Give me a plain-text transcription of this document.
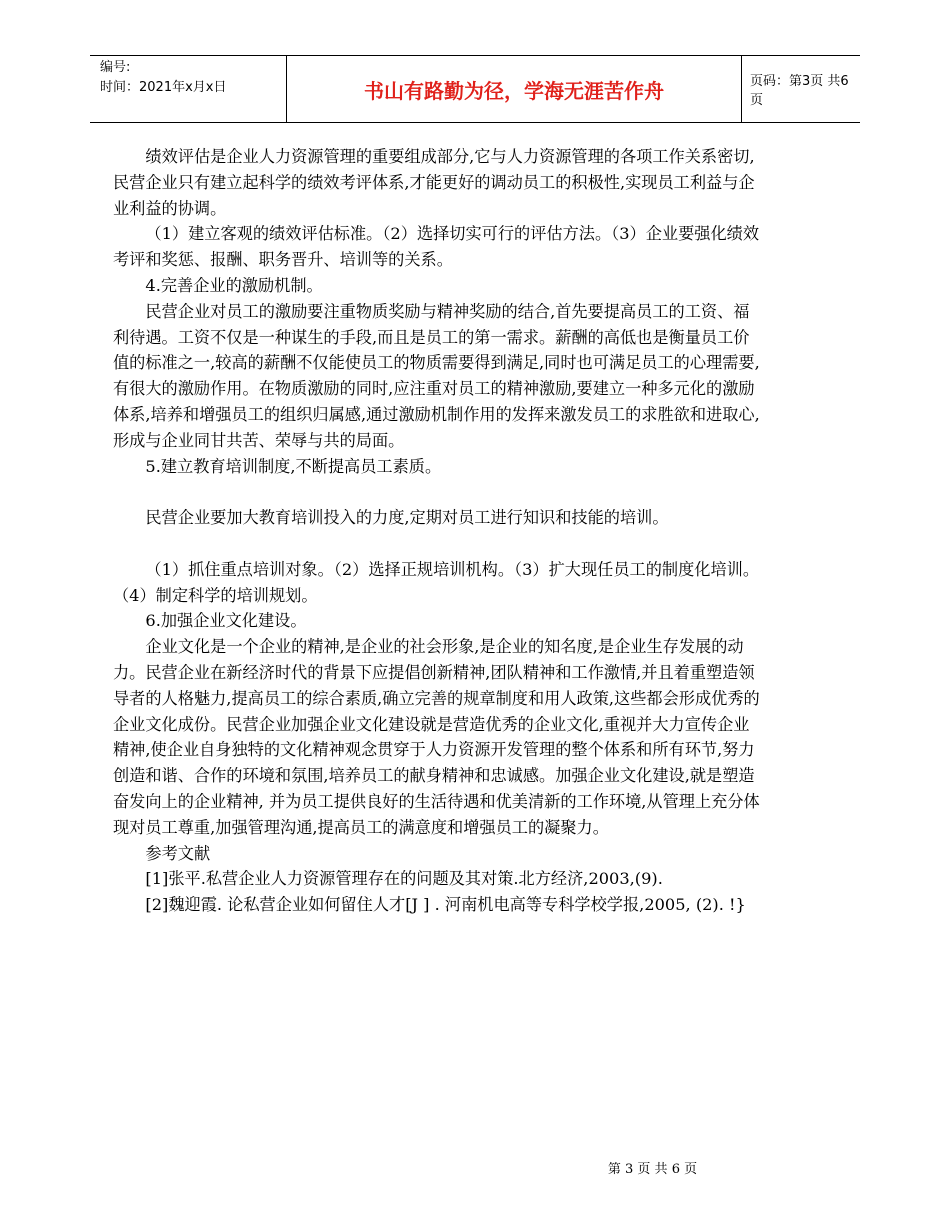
编号:
时间：2021年x月x日	书山有路勤为径，学海无涯苦作舟	页码：第3页 共6页

绩效评估是企业人力资源管理的重要组成部分,它与人力资源管理的各项工作关系密切,民营企业只有建立起科学的绩效考评体系,才能更好的调动员工的积极性,实现员工利益与企业利益的协调。

（1）建立客观的绩效评估标准。（2）选择切实可行的评估方法。（3）企业要强化绩效考评和奖惩、报酬、职务晋升、培训等的关系。

4.完善企业的激励机制。

民营企业对员工的激励要注重物质奖励与精神奖励的结合,首先要提高员工的工资、福利待遇。工资不仅是一种谋生的手段,而且是员工的第一需求。薪酬的高低也是衡量员工价值的标准之一,较高的薪酬不仅能使员工的物质需要得到满足,同时也可满足员工的心理需要,有很大的激励作用。在物质激励的同时,应注重对员工的精神激励,要建立一种多元化的激励体系,培养和增强员工的组织归属感,通过激励机制作用的发挥来激发员工的求胜欲和进取心,形成与企业同甘共苦、荣辱与共的局面。

5.建立教育培训制度,不断提高员工素质。

民营企业要加大教育培训投入的力度,定期对员工进行知识和技能的培训。

（1）抓住重点培训对象。（2）选择正规培训机构。（3）扩大现任员工的制度化培训。（4）制定科学的培训规划。

6.加强企业文化建设。

企业文化是一个企业的精神,是企业的社会形象,是企业的知名度,是企业生存发展的动力。民营企业在新经济时代的背景下应提倡创新精神,团队精神和工作激情,并且着重塑造领导者的人格魅力,提高员工的综合素质,确立完善的规章制度和用人政策,这些都会形成优秀的企业文化成份。民营企业加强企业文化建设就是营造优秀的企业文化,重视并大力宣传企业精神,使企业自身独特的文化精神观念贯穿于人力资源开发管理的整个体系和所有环节,努力创造和谐、合作的环境和氛围,培养员工的献身精神和忠诚感。加强企业文化建设,就是塑造奋发向上的企业精神, 并为员工提供良好的生活待遇和优美清新的工作环境,从管理上充分体现对员工尊重,加强管理沟通,提高员工的满意度和增强员工的凝聚力。

参考文献

[1]张平.私营企业人力资源管理存在的问题及其对策.北方经济,2003,(9).

[2]魏迎霞. 论私营企业如何留住人才[J ] . 河南机电高等专科学校学报,2005, (2). !}

第 3 页 共 6 页
